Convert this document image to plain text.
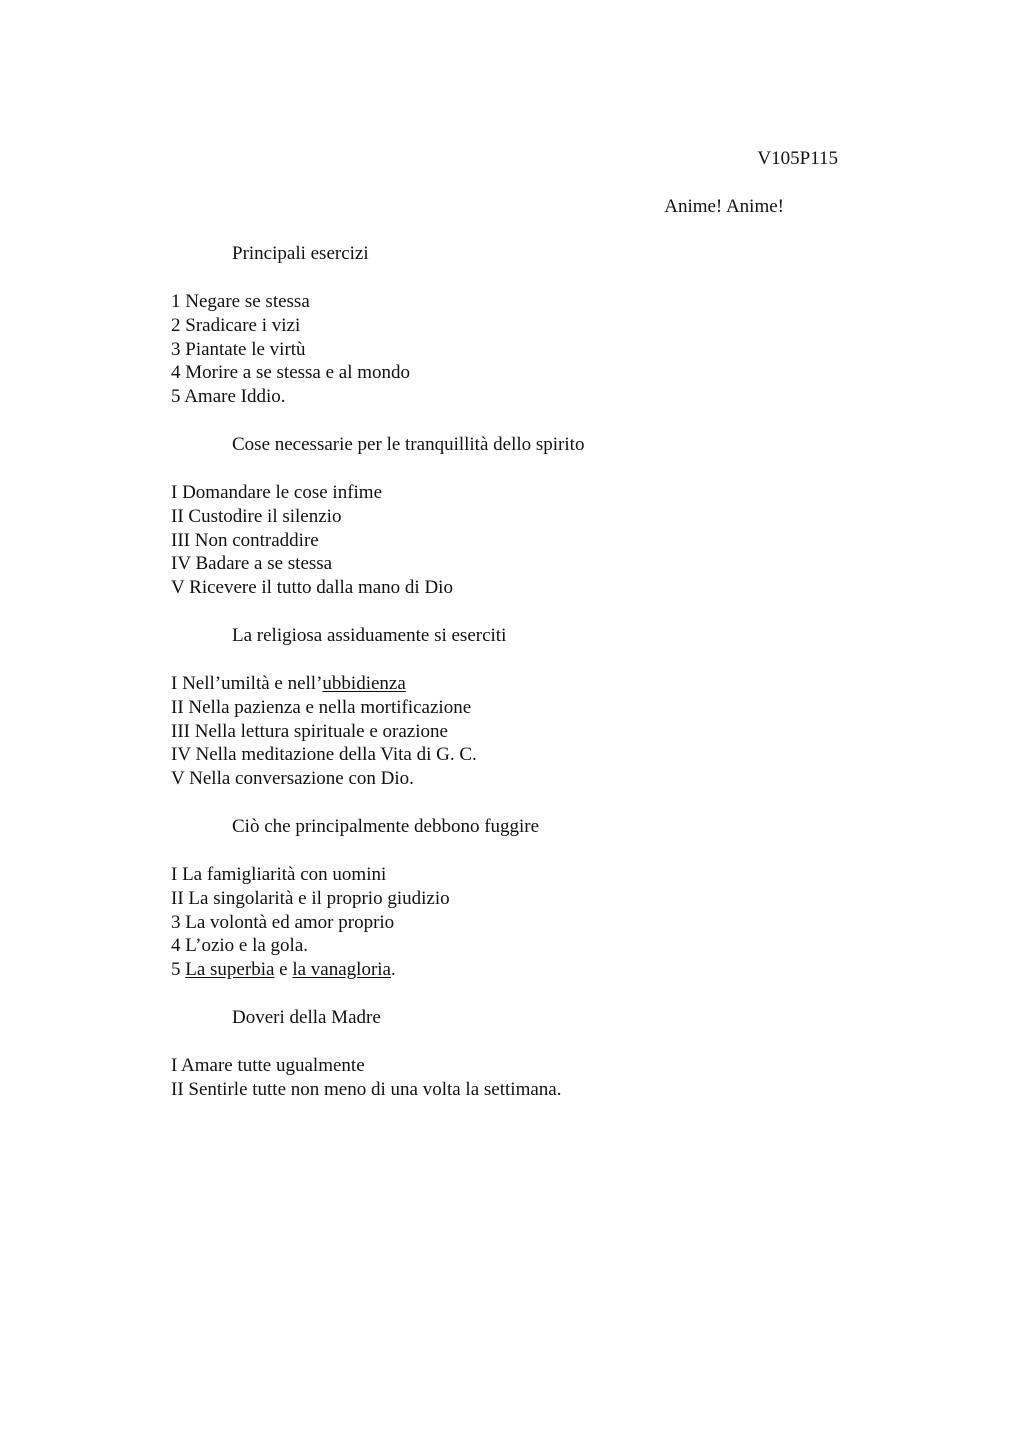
V105P115

Anime! Anime!

Principali esercizi
1 Negare se stessa
2 Sradicare i vizi
3 Piantate le virtù
4 Morire a se stessa e al mondo
5 Amare Iddio.
Cose necessarie per le tranquillità dello spirito
I Domandare le cose infime
II Custodire il silenzio
III Non contraddire
IV Badare a se stessa
V Ricevere il tutto dalla mano di Dio
La religiosa assiduamente si eserciti
I Nell’umiltà e nell’ubbidienza
II Nella pazienza e nella mortificazione
III Nella lettura spirituale e orazione
IV Nella meditazione della Vita di G. C.
V Nella conversazione con Dio.
Ciò che principalmente debbono fuggire
I La famigliarità con uomini
II La singolarità e il proprio giudizio
3 La volontà ed amor proprio
4 L’ozio e la gola.
5 La superbia e la vanagloria.
Doveri della Madre
I Amare tutte ugualmente
II Sentirle tutte non meno di una volta la settimana.
